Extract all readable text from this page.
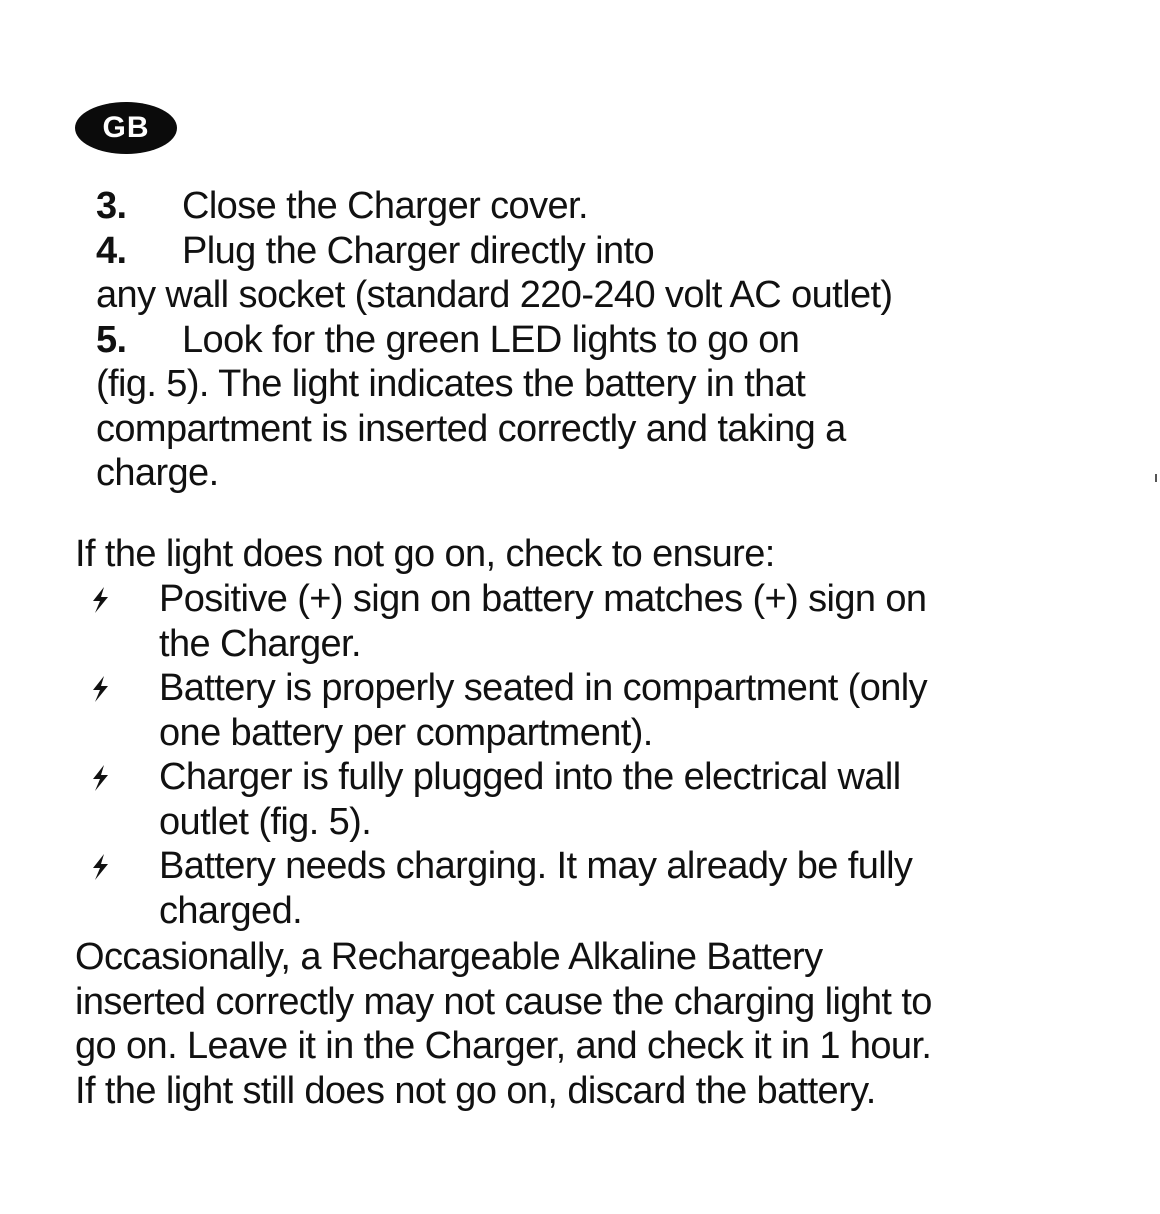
GB
3. Close the Charger cover.
4. Plug the Charger directly into
any wall socket (standard 220-240 volt AC outlet)
5. Look for the green LED lights to go on
(fig. 5). The light indicates the battery in that
compartment is inserted correctly and taking a
charge.
If the light does not go on, check to ensure:
Positive (+) sign on battery matches (+) sign on
the Charger.
Battery is properly seated in compartment (only
one battery per compartment).
Charger is fully plugged into the electrical wall
outlet (fig. 5).
Battery needs charging. It may already be fully
charged.
Occasionally, a Rechargeable Alkaline Battery
inserted correctly may not cause the charging light to
go on. Leave it in the Charger, and check it in 1 hour.
If the light still does not go on, discard the battery.
